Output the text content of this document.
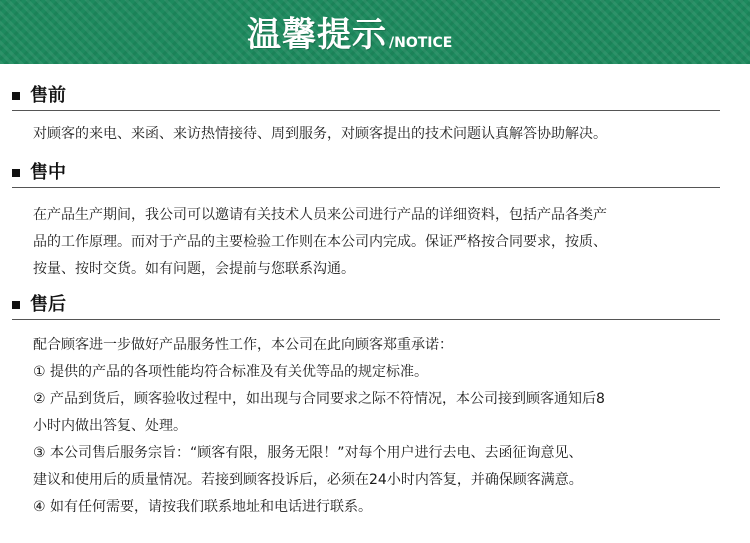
温馨提示 /NOTICE
售前
对顾客的来电、来函、来访热情接待、周到服务，对顾客提出的技术问题认真解答协助解决。
售中
在产品生产期间，我公司可以邀请有关技术人员来公司进行产品的详细资料，包括产品各类产
品的工作原理。而对于产品的主要检验工作则在本公司内完成。保证严格按合同要求，按质、
按量、按时交货。如有问题，会提前与您联系沟通。
售后
配合顾客进一步做好产品服务性工作，本公司在此向顾客郑重承诺：
① 提供的产品的各项性能均符合标准及有关优等品的规定标准。
② 产品到货后，顾客验收过程中，如出现与合同要求之际不符情况，本公司接到顾客通知后8
小时内做出答复、处理。
③ 本公司售后服务宗旨：“顾客有限，服务无限！”对每个用户进行去电、去函征询意见、
建议和使用后的质量情况。若接到顾客投诉后，必须在24小时内答复，并确保顾客满意。
④ 如有任何需要，请按我们联系地址和电话进行联系。
